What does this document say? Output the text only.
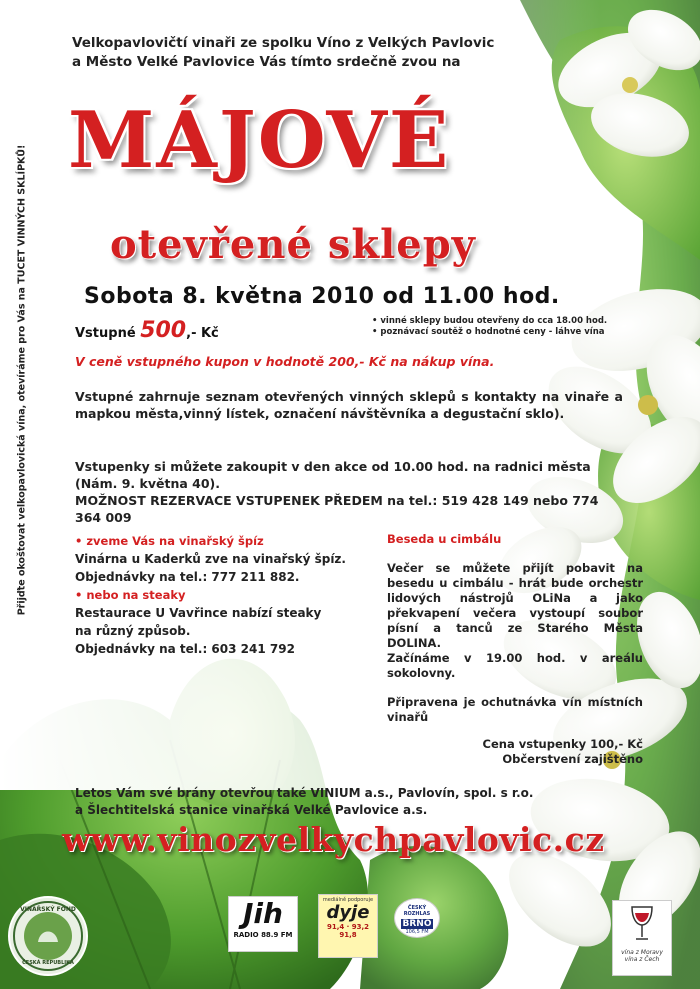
Přijďte okoštovat velkopavlovická vína, otevíráme pro Vás na TUCET VINNÝCH SKLÍPKŮ!
Velkopavlovičtí vinaři ze spolku Víno z Velkých Pavlovic
a Město Velké Pavlovice Vás tímto srdečně zvou na
MÁJOVÉ
otevřené sklepy
Sobota 8. května 2010 od 11.00 hod.
Vstupné 500,- Kč
• vinné sklepy budou otevřeny do cca 18.00 hod.
• poznávací soutěž o hodnotné ceny - láhve vína
V ceně vstupného kupon v hodnotě 200,- Kč na nákup vína.
Vstupné zahrnuje seznam otevřených vinných sklepů s kontakty na vinaře a mapkou města,vinný lístek, označení návštěvníka a degustační sklo).
Vstupenky si můžete zakoupit v den akce od 10.00 hod. na radnici města (Nám. 9. května 40).
MOŽNOST REZERVACE VSTUPENEK PŘEDEM na tel.: 519 428 149 nebo 774 364 009
• zveme Vás na vinařský špíz
Vinárna u Kaderků zve na vinařský špíz.
Objednávky na tel.: 777 211 882.
• nebo na steaky
Restaurace U Vavřince nabízí steaky
na různý způsob.
Objednávky na tel.: 603 241 792
Beseda u cimbálu
Večer se můžete přijít pobavit na besedu u cimbálu - hrát bude orchestr lidových nástrojů OLiNa a jako překvapení večera vystoupí soubor písní a tanců ze Starého Města DOLINA.
Začínáme v 19.00 hod. v areálu sokolovny.
Připravena je ochutnávka vín místních vinařů
Cena vstupenky 100,- Kč
Občerstvení zajištěno
Letos Vám své brány otevřou také VINIUM a.s., Pavlovín, spol. s r.o.
a Šlechtitelská stanice vinařská Velké Pavlovice a.s.
www.vinozvelkychpavlovic.cz
VINAŘSKÝ FOND
ČESKÁ REPUBLIKA
Jih
RADIO 88.9 FM
mediálně podporuje
dyje
91,4 · 93,2
91,8
ČESKÝ ROZHLAS
BRNO
106,5 FM
vína z Moravy
vína z Čech
